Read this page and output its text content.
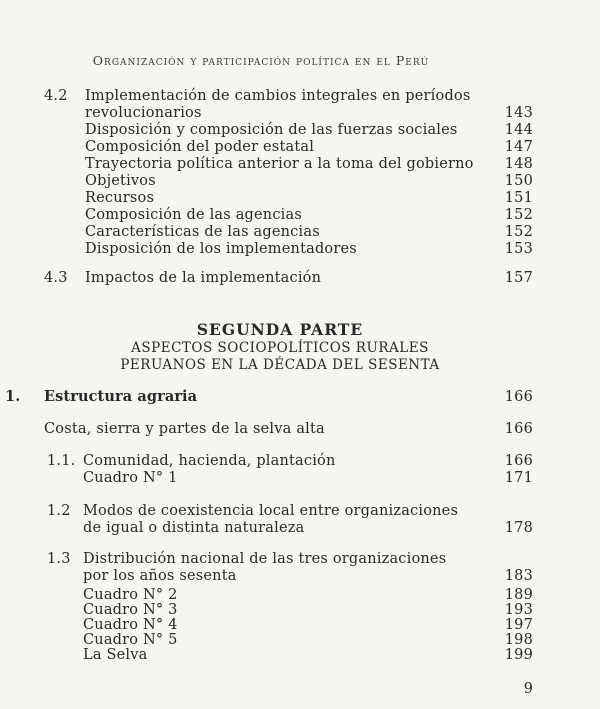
Organización y participación política en el Perú
4.2	Implementación de cambios integrales en períodos
revolucionarios	143
Disposición y composición de las fuerzas sociales	144
Composición del poder estatal	147
Trayectoria política anterior a la toma del gobierno	148
Objetivos	150
Recursos	151
Composición de las agencias	152
Características de las agencias	152
Disposición de los implementadores	153
4.3	Impactos de la implementación	157
SEGUNDA PARTE
ASPECTOS SOCIOPOLÍTICOS RURALES
PERUANOS EN LA DÉCADA DEL SESENTA
1.	Estructura agraria	166
Costa, sierra y partes de la selva alta	166
1.1. Comunidad, hacienda, plantación	166
Cuadro N° 1	171
1.2 Modos de coexistencia local entre organizaciones
de igual o distinta naturaleza	178
1.3 Distribución nacional de las tres organizaciones
por los años sesenta	183
Cuadro N° 2	189
Cuadro N° 3	193
Cuadro N° 4	197
Cuadro N° 5	198
La Selva	199
9
